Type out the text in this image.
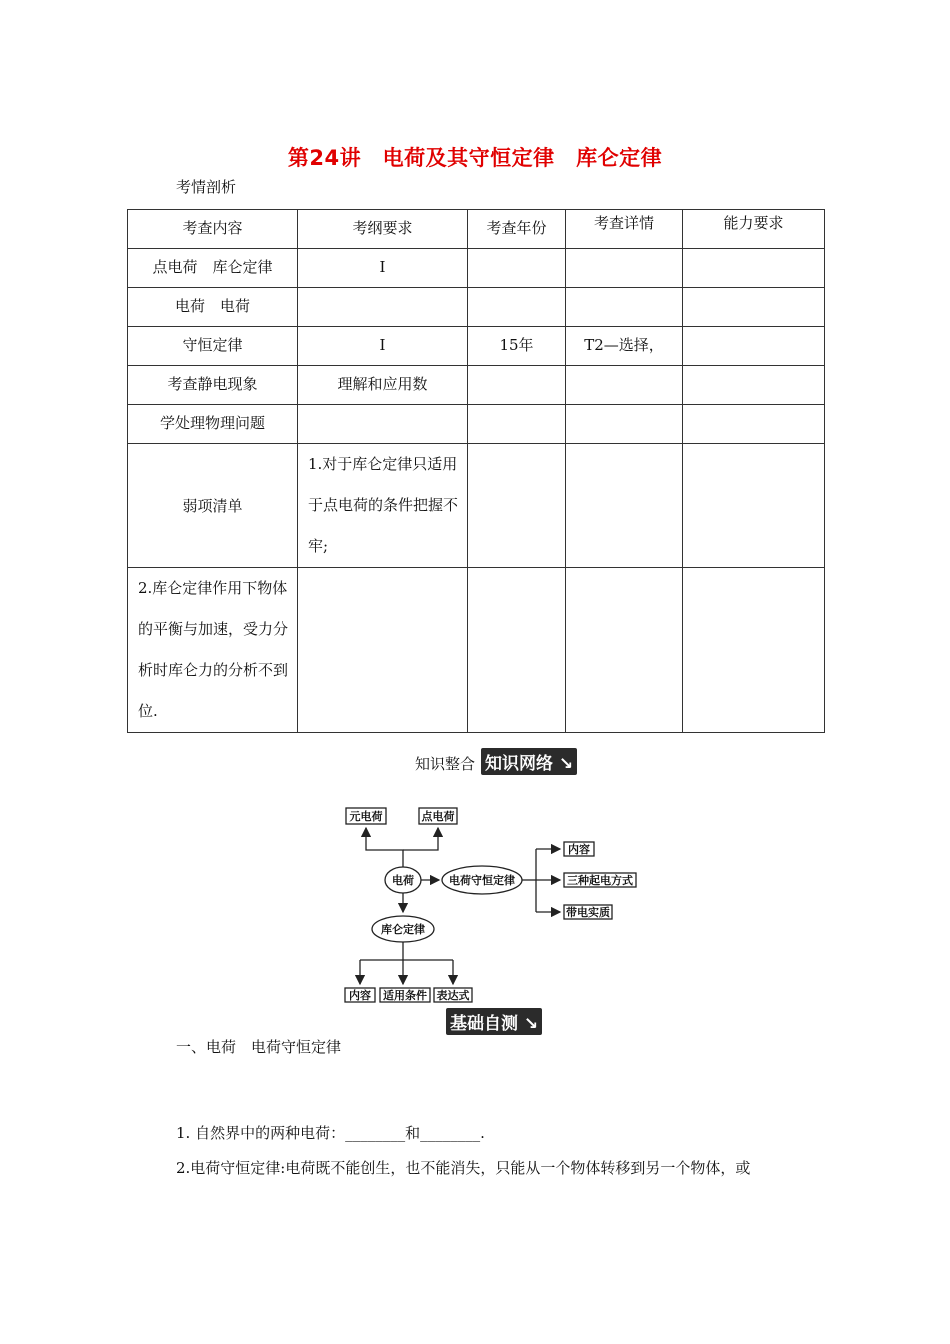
第24讲　电荷及其守恒定律　库仑定律
考情剖析
考查内容	考纲要求	考查年份	考查详情	能力要求
点电荷　库仑定律	Ⅰ			
电荷　电荷				
守恒定律	Ⅰ	15年	T2—选择，	
考查静电现象	理解和应用数			
学处理物理问题				
弱项清单	1.对于库仑定律只适用于点电荷的条件把握不牢;			
2.库仑定律作用下物体的平衡与加速，受力分析时库仑力的分析不到位.				
知识整合 知识网络 ↘
元电荷	点电荷
电荷	电荷守恒定律
内容
三种起电方式
带电实质
库仑定律
内容 适用条件 表达式
基础自测 ↘
一、电荷　电荷守恒定律
1. 自然界中的两种电荷：________和________.
2.电荷守恒定律:电荷既不能创生，也不能消失，只能从一个物体转移到另一个物体，或
